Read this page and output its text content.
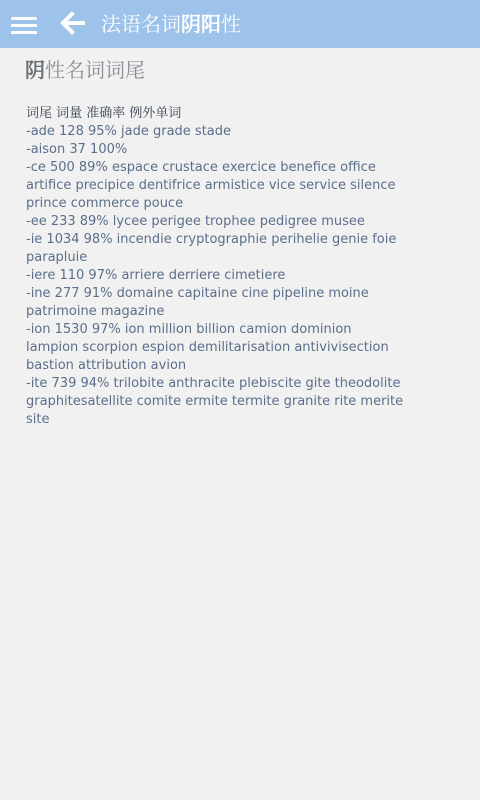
法语名词阴阳性
阴性名词词尾
词尾 词量 准确率 例外单词
-ade 128 95% jade grade stade
-aison 37 100%
-ce 500 89% espace crustace exercice benefice office artifice precipice dentifrice armistice vice service silence prince commerce pouce
-ee 233 89% lycee perigee trophee pedigree musee
-ie 1034 98% incendie cryptographie perihelie genie foie parapluie
-iere 110 97% arriere derriere cimetiere
-ine 277 91% domaine capitaine cine pipeline moine patrimoine magazine
-ion 1530 97% ion million billion camion dominion lampion scorpion espion demilitarisation antivivisection bastion attribution avion
-ite 739 94% trilobite anthracite plebiscite gite theodolite graphitesatellite comite ermite termite granite rite merite site
